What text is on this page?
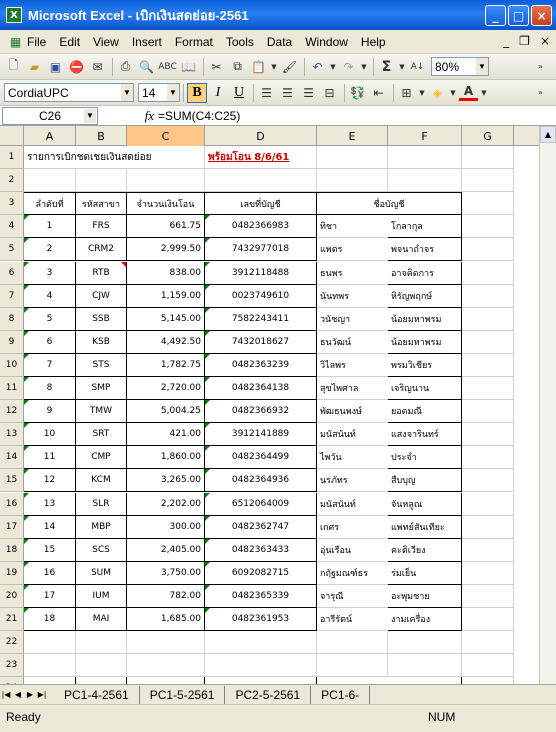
X Microsoft Excel - เบิกเงินสดย่อย-2561	_	□	×
▦ File Edit View Insert Format Tools Data Window Help	_ ❐ ×
🗋 ▰ ▣ ⛔ ✉	⎙ 🔍 ABC 📖	✂ ⧉ 📋 ▼ 🖌	↶	▼ ↷	▼	Σ	▼ A↓ 80% ▼	»
CordiaUPC	▼ 14 ▼	B I U	☰ ☰ ☰ ⊟	💱 ⇤	⊞	▼ ◈	▼ A	▼	»
C26	▼	fx =SUM(C4:C25)
A	B	C	D	E	F	G
1	รายการเบิกชดเชยเงินสดย่อย	พร้อมโอน 8/6/61
2
3	ลำดับที่	รหัสสาขา	จำนวนเงินโอน	เลขที่บัญชี	ชื่อบัญชี
4	1	FRS	661.75	0482366983	ทิชา	โกลากุล
5	2	CRM2	2,999.50	7432977018	แพตร	พจนาถำจร
6	3	RTB	838.00	3912118488	ธนพร	อาจคิดการ
7	4	CJW	1,159.00	0023749610	นันทพร	หิรัญพฤกษ์
8	5	SSB	5,145.00	7582243411	วนัชญา	น้อยมหาพรม
9	6	KSB	4,492.50	7432018627	ธนวัฒน์	น้อยมหาพรม
10	7	STS	1,782.75	0482363239	วิไลพร	พรมวิเชียร
11	8	SMP	2,720.00	0482364138	สุขไพศาล	เจริญนาน
12	9	TMW	5,004.25	0482366932	พัฒธนพงษ์	ยอดมณี
13	10	SRT	421.00	3912141889	มนัสนันท์	แสงจารินทร์
14	11	CMP	1,860.00	0482364499	ไพวัน	ประจำ
15	12	KCM	3,265.00	0482364936	นรภัทร	สืบบุญ
16	13	SLR	2,202.00	6512064009	มนัสนันท์	จันหลูณ
17	14	MBP	300.00	0482362747	เกศร	แพทย์สันเทียะ
18	15	SCS	2,405.00	0482363433	อุ่นเรือน	คะติเวียง
19	16	SUM	3,750.00	6092082715	กฤัฐมณฑ์ธร	ร่มเย็น
20	17	IUM	782.00	0482365339	จารุณี	อะพุมชาย
21	18	MAI	1,685.00	0482361953	อารีรัตน์	งามเครื่อง
22
23
▲
|◀ ◀ ▶ ▶|	PC1-4-2561	PC1-5-2561	PC2-5-2561	PC1-6-
Ready	NUM
